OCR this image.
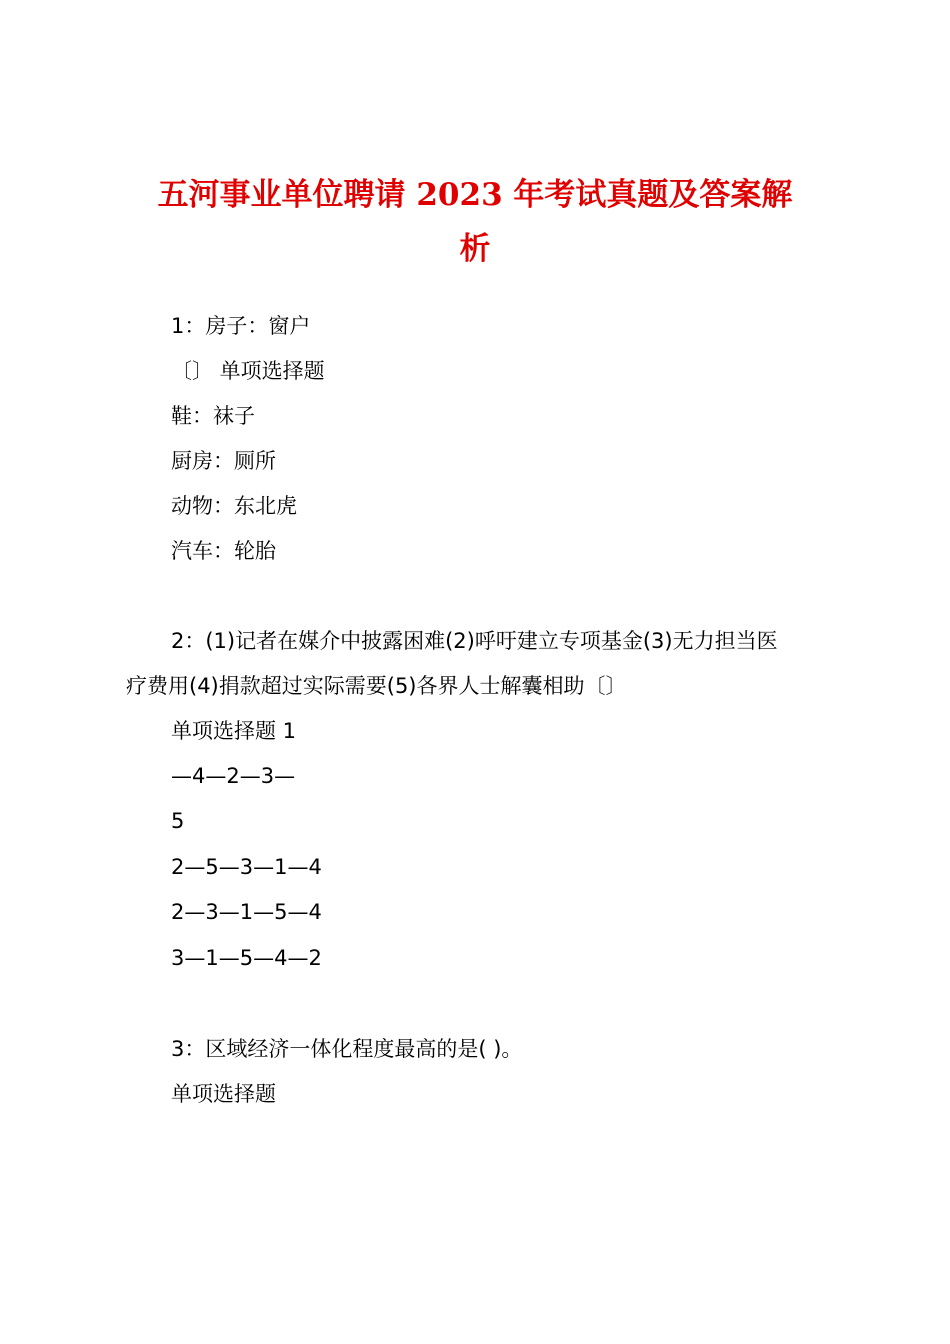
五河事业单位聘请 2023 年考试真题及答案解
析
1：房子：窗户
〔〕 单项选择题
鞋：袜子
厨房：厕所
动物：东北虎
汽车：轮胎
2：(1)记者在媒介中披露困难(2)呼吁建立专项基金(3)无力担当医
疗费用(4)捐款超过实际需要(5)各界人士解囊相助〔〕
单项选择题 1
—4—2—3—
5
2—5—3—1—4
2—3—1—5—4
3—1—5—4—2
3：区域经济一体化程度最高的是( )。
单项选择题
